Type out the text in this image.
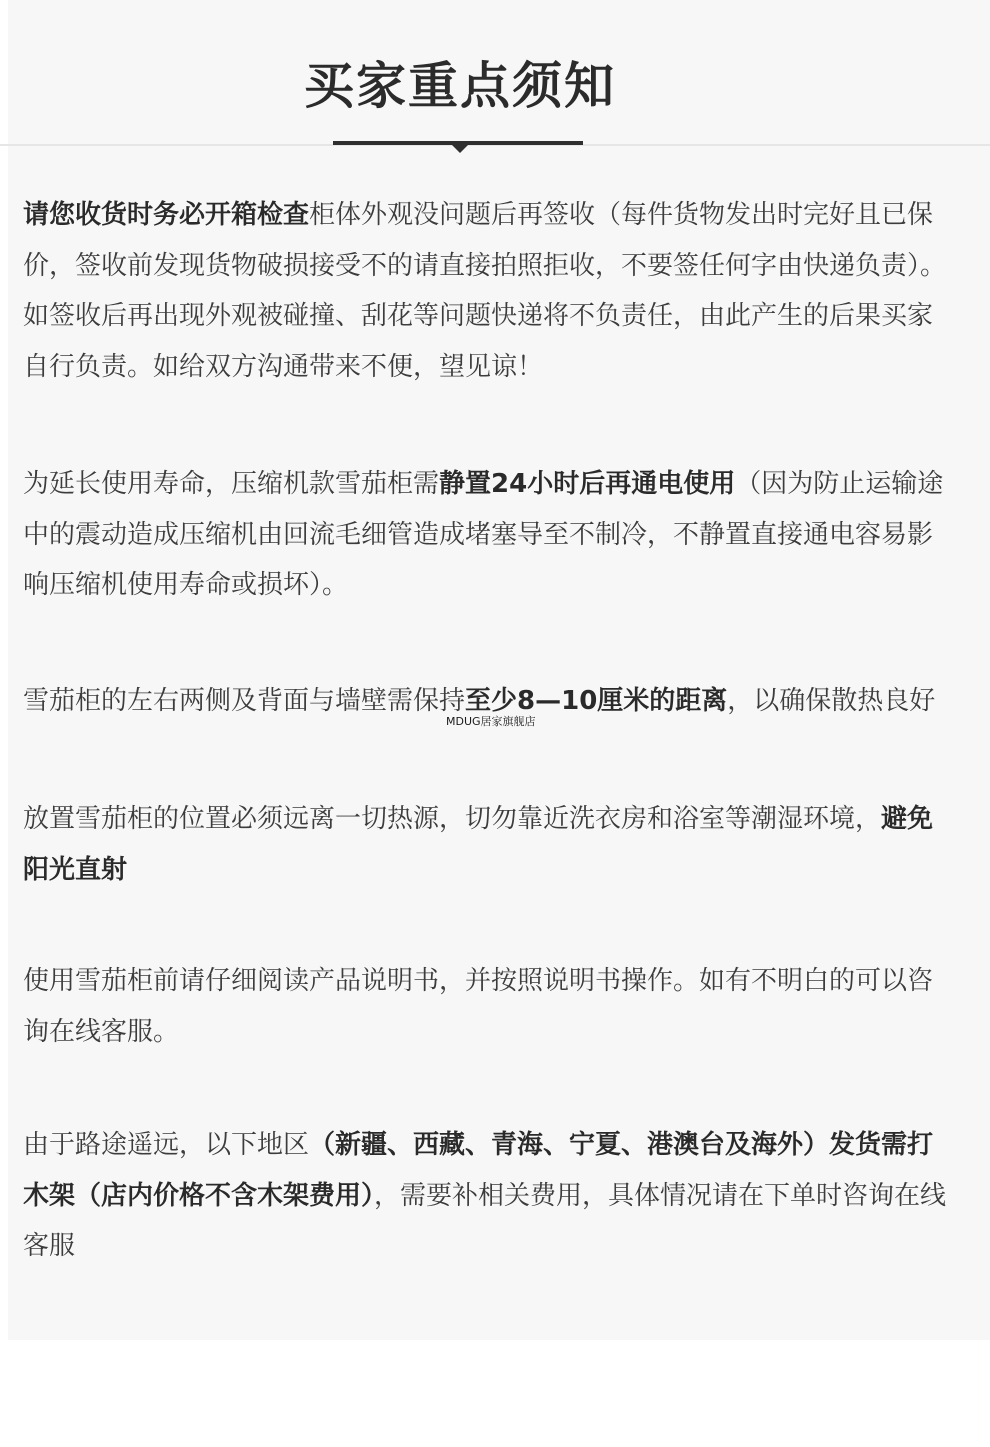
买家重点须知

请您收货时务必开箱检查柜体外观没问题后再签收（每件货物发出时完好且已保价，签收前发现货物破损接受不的请直接拍照拒收，不要签任何字由快递负责）。如签收后再出现外观被碰撞、刮花等问题快递将不负责任，由此产生的后果买家自行负责。如给双方沟通带来不便，望见谅！

为延长使用寿命，压缩机款雪茄柜需静置24小时后再通电使用（因为防止运输途中的震动造成压缩机由回流毛细管造成堵塞导至不制冷，不静置直接通电容易影响压缩机使用寿命或损坏）。

雪茄柜的左右两侧及背面与墙壁需保持至少8—10厘米的距离，以确保散热良好

MDUG居家旗舰店

放置雪茄柜的位置必须远离一切热源，切勿靠近洗衣房和浴室等潮湿环境，避免阳光直射

使用雪茄柜前请仔细阅读产品说明书，并按照说明书操作。如有不明白的可以咨询在线客服。

由于路途遥远，以下地区（新疆、西藏、青海、宁夏、港澳台及海外）发货需打木架（店内价格不含木架费用），需要补相关费用，具体情况请在下单时咨询在线客服
